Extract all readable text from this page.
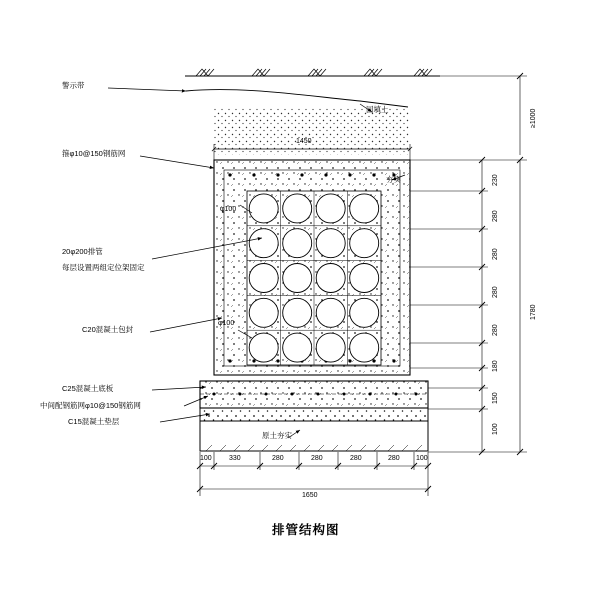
警示带
回填土
箍φ10@150钢筋网
夯实
20φ200排管
每层设置两组定位架固定
C20混凝土包封
C25混凝土底板
中间配钢筋网φ10@150钢筋网
C15混凝土垫层
原土夯实
φ100
φ100
1450
1650
100 330	280	280	280	280 100
230
280
280
280
280
180
150
100
1780
≥1000
排管结构图
